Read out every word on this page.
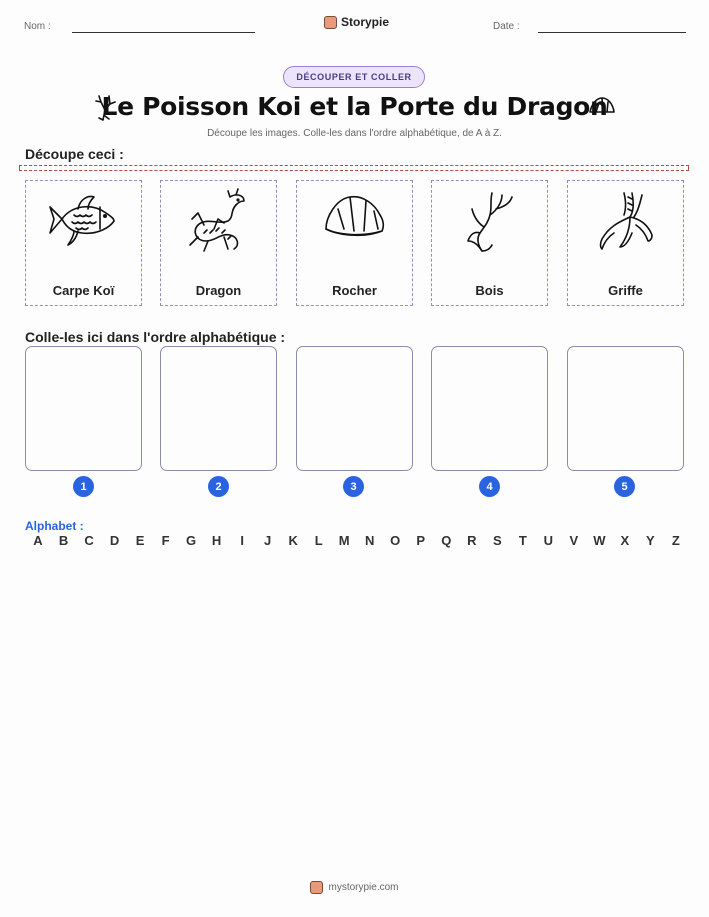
Nom :	Storypie	Date :
DÉCOUPER ET COLLER
Le Poisson Koi et la Porte du Dragon
Découpe les images. Colle-les dans l'ordre alphabétique, de A à Z.
Découpe ceci :
Carpe Koï	Dragon	Rocher	Bois	Griffe
Colle-les ici dans l'ordre alphabétique :
1	2	3	4	5
Alphabet :
A B C D E	F	G H	I	J	K	L	M N O P Q R S	T	U V W X Y	Z
mystorypie.com
